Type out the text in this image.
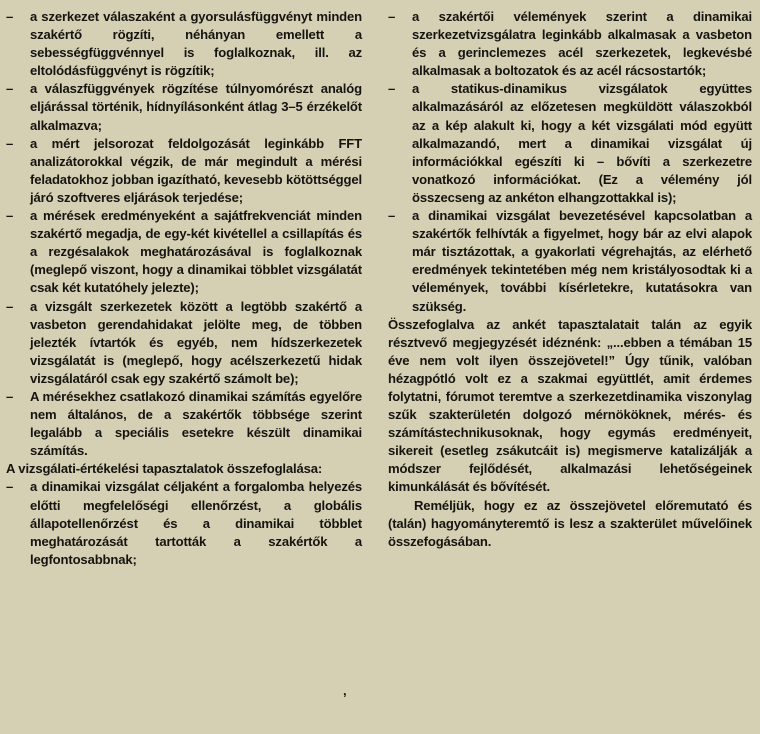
– a szerkezet válaszaként a gyorsulásfüggvényt minden szakértő rögzíti, néhányan emellett a sebességfüggvénnyel is foglalkoznak, ill. az eltolódásfüggvényt is rögzítik;

– a válaszfüggvények rögzítése túlnyomórészt analóg eljárással történik, hídnyílásonként átlag 3–5 érzékelőt alkalmazva;

– a mért jelsorozat feldolgozását leginkább FFT analizátorokkal végzik, de már megindult a mérési feladatokhoz jobban igazítható, kevesebb kötöttséggel járó szoftveres eljárások terjedése;

– a mérések eredményeként a sajátfrekvenciát minden szakértő megadja, de egy-két kivétellel a csillapítás és a rezgésalakok meghatározásával is foglalkoznak (meglepő viszont, hogy a dinamikai többlet vizsgálatát csak két kutatóhely jelezte);

– a vizsgált szerkezetek között a legtöbb szakértő a vasbeton gerendahidakat jelölte meg, de többen jelezték ívtartók és egyéb, nem hídszerkezetek vizsgálatát is (meglepő, hogy acélszerkezetű hidak vizsgálatáról csak egy szakértő számolt be);

– A mérésekhez csatlakozó dinamikai számítás egyelőre nem általános, de a szakértők többsége szerint legalább a speciális esetekre készült dinamikai számítás.

A vizsgálati-értékelési tapasztalatok összefoglalása:

– a dinamikai vizsgálat céljaként a forgalomba helyezés előtti megfelelőségi ellenőrzést, a globális állapotellenőrzést és a dinamikai többlet meghatározását tartották a szakértők a legfontosabbnak;

– a szakértői vélemények szerint a dinamikai szerkezetvizsgálatra leginkább alkalmasak a vasbeton és a gerinclemezes acél szerkezetek, legkevésbé alkalmasak a boltozatok és az acél rácsostartók;

– a statikus-dinamikus vizsgálatok együttes alkalmazásáról az előzetesen megküldött válaszokból az a kép alakult ki, hogy a két vizsgálati mód együtt alkalmazandó, mert a dinamikai vizsgálat új információkkal egészíti ki – bővíti a szerkezetre vonatkozó információkat. (Ez a vélemény jól összecseng az ankéton elhangzottakkal is);

– a dinamikai vizsgálat bevezetésével kapcsolatban a szakértők felhívták a figyelmet, hogy bár az elvi alapok már tisztázottak, a gyakorlati végrehajtás, az elérhető eredmények tekintetében még nem kristályosodtak ki a vélemények, további kísérletekre, kutatásokra van szükség.

Összefoglalva az ankét tapasztalatait talán az egyik résztvevő megjegyzését idéznénk: „...ebben a témában 15 éve nem volt ilyen összejövetel!” Úgy tűnik, valóban hézagpótló volt ez a szakmai együttlét, amit érdemes folytatni, fórumot teremtve a szerkezetdinamika viszonylag szűk szakterületén dolgozó mérnököknek, mérés- és számítástechnikusoknak, hogy egymás eredményeit, sikereit (esetleg zsákutcáit is) megismerve katalizálják a módszer fejlődését, alkalmazási lehetőségeinek kimunkálását és bővítését.

Reméljük, hogy ez az összejövetel előremutató és (talán) hagyományteremtő is lesz a szakterület művelőinek összefogásában.

,
